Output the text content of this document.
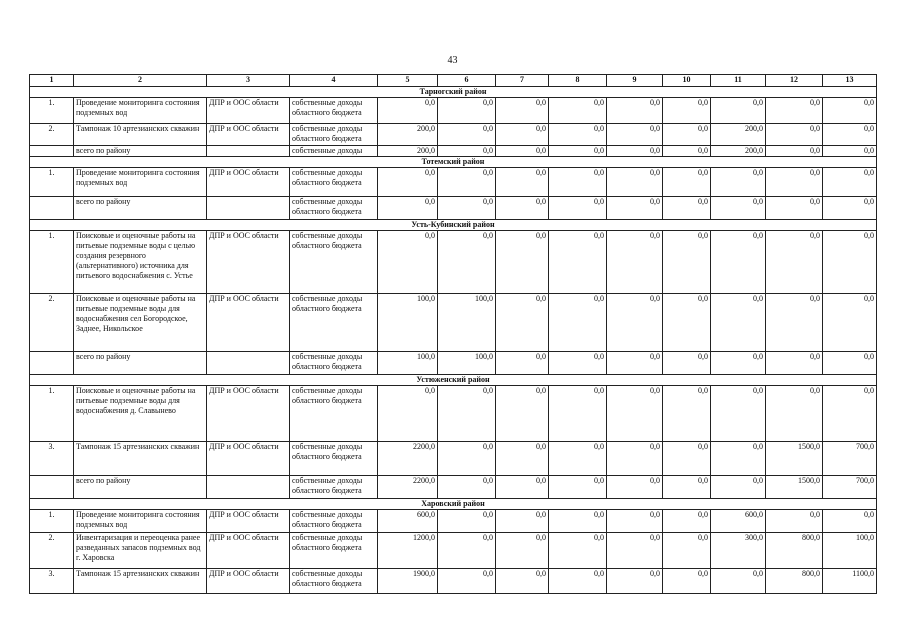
43
1	2	3	4	5	6	7	8	9	10	11	12	13
Тарногский район												
1.	Проведение мониторинга состояния подземных вод	ДПР и ООС области	собственные доходы областного бюджета	0,0	0,0	0,0	0,0	0,0	0,0	0,0	0,0	0,0
2.	Тампонаж 10 артезианских скважин	ДПР и ООС области	собственные доходы областного бюджета	200,0	0,0	0,0	0,0	0,0	0,0	200,0	0,0	0,0
	всего по району		собственные доходы	200,0	0,0	0,0	0,0	0,0	0,0	200,0	0,0	0,0
Тотемский район												
1.	Проведение мониторинга состояния подземных вод	ДПР и ООС области	собственные доходы областного бюджета	0,0	0,0	0,0	0,0	0,0	0,0	0,0	0,0	0,0
	всего по району		собственные доходы областного бюджета	0,0	0,0	0,0	0,0	0,0	0,0	0,0	0,0	0,0
Усть-Кубинский район												
1.	Поисковые и оценочные работы на питьевые подземные воды с целью создания резервного (альтернативного) источника для питьевого водоснабжения с. Устье	ДПР и ООС области	собственные доходы областного бюджета	0,0	0,0	0,0	0,0	0,0	0,0	0,0	0,0	0,0
2.	Поисковые и оценочные работы на питьевые подземные воды для водоснабжения сел Богородское, Заднее, Никольское	ДПР и ООС области	собственные доходы областного бюджета	100,0	100,0	0,0	0,0	0,0	0,0	0,0	0,0	0,0
	всего по району		собственные доходы областного бюджета	100,0	100,0	0,0	0,0	0,0	0,0	0,0	0,0	0,0
Устюженский район												
1.	Поисковые и оценочные работы на питьевые подземные воды для водоснабжения д. Славынево	ДПР и ООС области	собственные доходы областного бюджета	0,0	0,0	0,0	0,0	0,0	0,0	0,0	0,0	0,0
3.	Тампонаж 15 артезианских скважин	ДПР и ООС области	собственные доходы областного бюджета	2200,0	0,0	0,0	0,0	0,0	0,0	0,0	1500,0	700,0
	всего по району		собственные доходы областного бюджета	2200,0	0,0	0,0	0,0	0,0	0,0	0,0	1500,0	700,0
Харовский район												
1.	Проведение мониторинга состояния подземных вод	ДПР и ООС области	собственные доходы областного бюджета	600,0	0,0	0,0	0,0	0,0	0,0	600,0	0,0	0,0
2.	Инвентаризация и переоценка ранее разведанных запасов подземных вод г. Харовска	ДПР и ООС области	собственные доходы областного бюджета	1200,0	0,0	0,0	0,0	0,0	0,0	300,0	800,0	100,0
3.	Тампонаж 15 артезианских скважин	ДПР и ООС области	собственные доходы областного бюджета	1900,0	0,0	0,0	0,0	0,0	0,0	0,0	800,0	1100,0
